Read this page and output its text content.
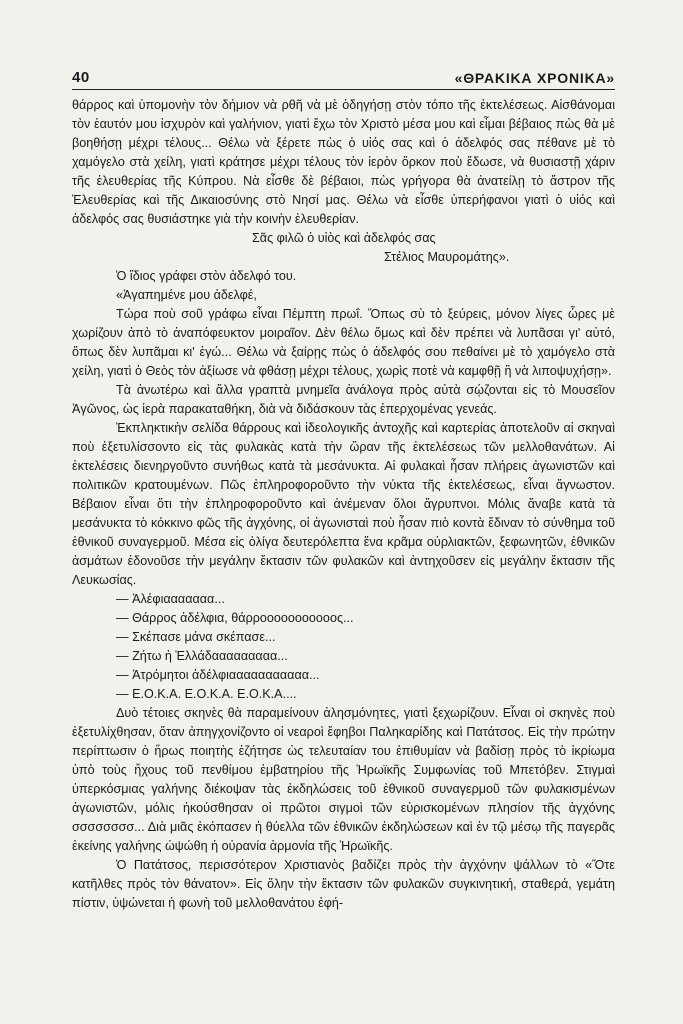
40	«ΘΡΑΚΙΚΑ ΧΡΟΝΙΚΑ»

θάρρος καὶ ὑπομονὴν τὸν δήμιον νὰ ρθῆ νὰ μὲ ὁδηγήσῃ στὸν τόπο τῆς ἐκτελέσεως. Αἰσθάνομαι τὸν ἑαυτόν μου ἰσχυρὸν καὶ γαλήνιον, γιατὶ ἔχω τὸν Χριστὸ μέσα μου καὶ εἶμαι βέβαιος πὼς θὰ μὲ βοηθήσῃ μέχρι τέλους... Θέλω νὰ ξέρετε πὼς ὁ υἱός σας καὶ ὁ ἀδελφός σας πέθανε μὲ τὸ χαμόγελο στὰ χείλη, γιατὶ κράτησε μέχρι τέλους τὸν ἱερὸν ὅρκον ποὺ ἔδωσε, νὰ θυσιαστῇ χάριν τῆς ἐλευθερίας τῆς Κύπρου. Νὰ εἶσθε δὲ βέβαιοι, πὼς γρήγορα θὰ ἀνατείλῃ τὸ ἄστρον τῆς Ἐλευθερίας καὶ τῆς Δικαιοσύνης στὸ Νησί μας. Θέλω νὰ εἶσθε ὑπερήφανοι γιατὶ ὁ υἱός καὶ ἀδελφός σας θυσιάστηκε γιὰ τὴν κοινὴν ἐλευθερίαν.

Σᾶς φιλῶ ὁ υἱὸς καὶ ἀδελφός σας
Στέλιος Μαυρομάτης».

Ὁ ἴδιος γράφει στὸν ἀδελφό του.

«Ἀγαπημένε μου ἀδελφέ,

Τώρα ποὺ σοῦ γράφω εἶναι Πέμπτη πρωΐ. Ὅπως σὺ τὸ ξεύρεις, μόνον λίγες ὧρες μὲ χωρίζουν ἀπὸ τὸ ἀναπόφευκτον μοιραῖον. Δὲν θέλω ὅμως καὶ δὲν πρέπει νὰ λυπᾶσαι γι' αὐτό, ὅπως δὲν λυπᾶμαι κι' ἐγώ... Θέλω νὰ ξαίρῃς πὼς ὁ ἀδελφός σου πεθαίνει μὲ τὸ χαμόγελο στὰ χείλη, γιατὶ ὁ Θεὸς τὸν ἀξίωσε νὰ φθάσῃ μέχρι τέλους, χωρὶς ποτὲ νὰ καμφθῇ ἢ νὰ λιποψυχήσῃ».

Τὰ ἀνωτέρω καὶ ἄλλα γραπτὰ μνημεῖα ἀνάλογα πρὸς αὐτὰ σῴζονται εἰς τὸ Μουσεῖον Ἀγῶνος, ὡς ἱερὰ παρακαταθήκη, διὰ νὰ διδάσκουν τὰς ἐπερχομένας γενεάς.

Ἐκπληκτικὴν σελίδα θάρρους καὶ ἰδεολογικῆς ἀντοχῆς καὶ καρτερίας ἀποτελοῦν αἱ σκηναὶ ποὺ ἐξετυλίσσοντο εἰς τὰς φυλακὰς κατὰ τὴν ὥραν τῆς ἐκτελέσεως τῶν μελλοθανάτων. Αἱ ἐκτελέσεις διενηργοῦντο συνήθως κατὰ τὰ μεσάνυκτα. Αἱ φυλακαὶ ἦσαν πλήρεις ἀγωνιστῶν καὶ πολιτικῶν κρατουμένων. Πῶς ἐπληροφοροῦντο τὴν νύκτα τῆς ἐκτελέσεως, εἶναι ἄγνωστον. Βέβαιον εἶναι ὅτι τὴν ἐπληροφοροῦντο καὶ ἀνέμεναν ὅλοι ἄγρυπνοι. Μόλις ἄναβε κατὰ τὰ μεσάνυκτα τὸ κόκκινο φῶς τῆς ἀγχόνης, οἱ ἀγωνισταὶ ποὺ ἦσαν πιὸ κοντὰ ἔδιναν τὸ σύνθημα τοῦ ἐθνικοῦ συναγερμοῦ. Μέσα εἰς ὀλίγα δευτερόλεπτα ἕνα κρᾶμα οὐρλιακτῶν, ξεφωνητῶν, ἐθνικῶν ἀσμάτων ἐδονοῦσε τὴν μεγάλην ἔκτασιν τῶν φυλακῶν καὶ ἀντηχοῦσεν εἰς μεγάλην ἔκτασιν τῆς Λευκωσίας.

— Ἀλέφιααααααα...
— Θάρρος ἀδέλφια, θάρροοοοοοοοοοος...
— Σκέπασε μάνα σκέπασε...
— Ζήτω ἡ Ἑλλάδααααααααα...
— Ἀτρόμητοι ἀδέλφιααααααααααα...
— Ε.Ο.Κ.Α. Ε.Ο.Κ.Α. Ε.Ο.Κ.Α....

Δυὸ τέτοιες σκηνὲς θὰ παραμείνουν ἀλησμόνητες, γιατὶ ξεχωρίζουν. Εἶναι οἱ σκηνὲς ποὺ ἐξετυλίχθησαν, ὅταν ἀπηγχονίζοντο οἱ νεαροὶ ἔφηβοι Παληκαρίδης καὶ Πατάτσος. Εἰς τὴν πρώτην περίπτωσιν ὁ ἥρως ποιητὴς ἐζήτησε ὡς τελευταίαν του ἐπιθυμίαν νὰ βαδίσῃ πρὸς τὸ ἰκρίωμα ὑπὸ τοὺς ἤχους τοῦ πενθίμου ἐμβατηρίου τῆς Ἡρωϊκῆς Συμφωνίας τοῦ Μπετόβεν. Στιγμαὶ ὑπερκόσμιας γαλήνης διέκοψαν τὰς ἐκδηλώσεις τοῦ ἐθνικοῦ συναγερμοῦ τῶν φυλακισμένων ἀγωνιστῶν, μόλις ἠκούσθησαν οἱ πρῶτοι σιγμοὶ τῶν εὑρισκομένων πλησίον τῆς ἀγχόνης σσσσσσσσ... Διὰ μιᾶς ἐκόπασεν ἡ θύελλα τῶν ἐθνικῶν ἐκδηλώσεων καὶ ἐν τῷ μέσῳ τῆς παγερᾶς ἐκείνης γαλήνης ὠψώθη ἡ οὐρανία ἁρμονία τῆς Ἡρωϊκῆς.

Ὁ Πατάτσος, περισσότερον Χριστιανὸς βαδίζει πρὸς τὴν ἀγχόνην ψάλλων τὸ «Ὅτε κατῆλθες πρὸς τὸν θάνατον». Εἰς ὅλην τὴν ἔκτασιν τῶν φυλακῶν συγκινητική, σταθερά, γεμάτη πίστιν, ὑψώνεται ἡ φωνὴ τοῦ μελλοθανάτου ἐφή-
